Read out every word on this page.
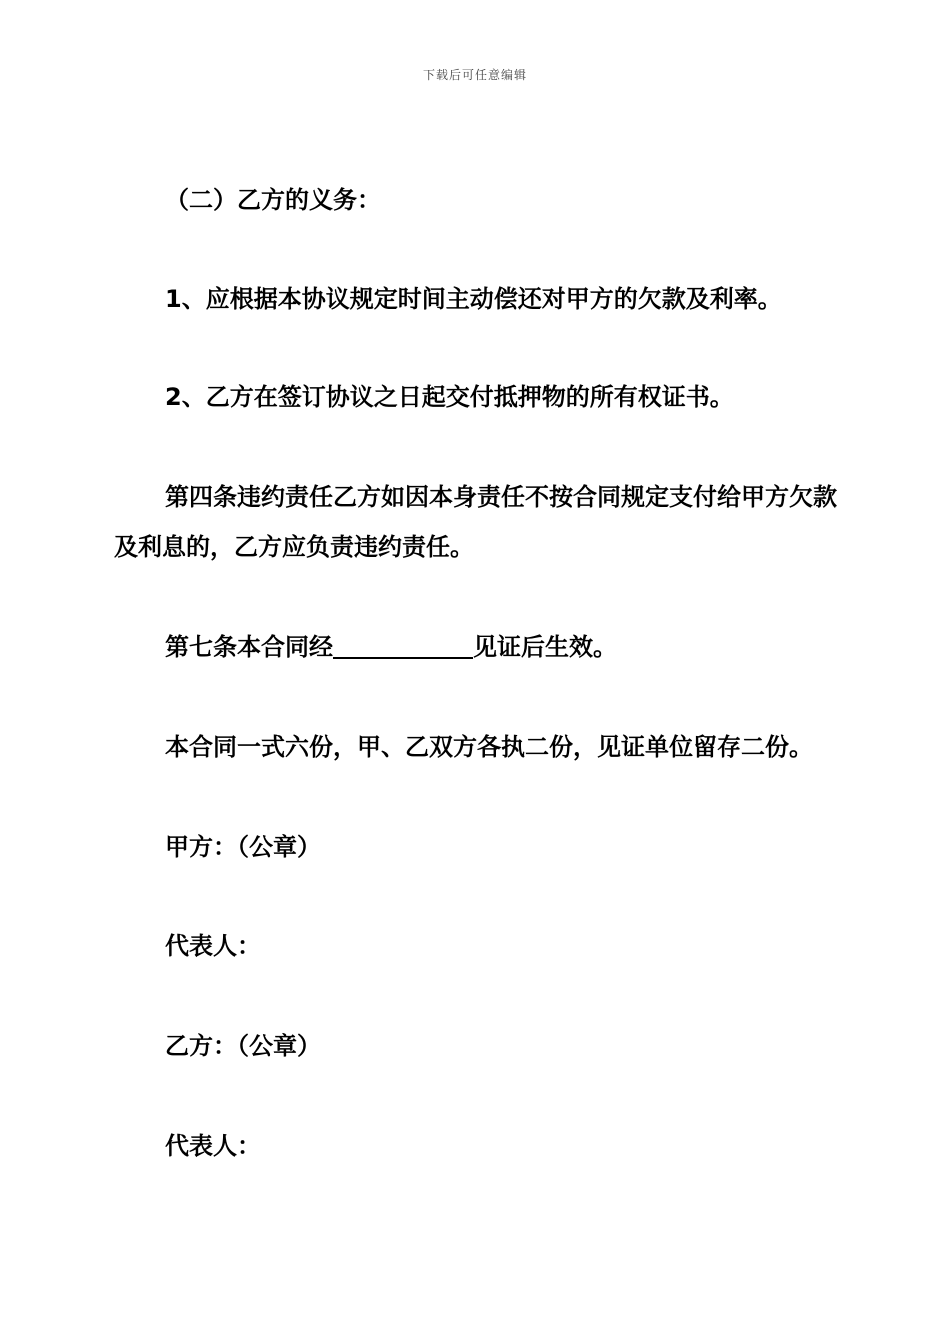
下载后可任意编辑
（二）乙方的义务：
1、应根据本协议规定时间主动偿还对甲方的欠款及利率。
2、乙方在签订协议之日起交付抵押物的所有权证书。
第四条违约责任乙方如因本身责任不按合同规定支付给甲方欠款及利息的，乙方应负责违约责任。
第七条本合同经	见证后生效。
本合同一式六份，甲、乙双方各执二份，见证单位留存二份。
甲方：（公章）
代表人：
乙方：（公章）
代表人：
